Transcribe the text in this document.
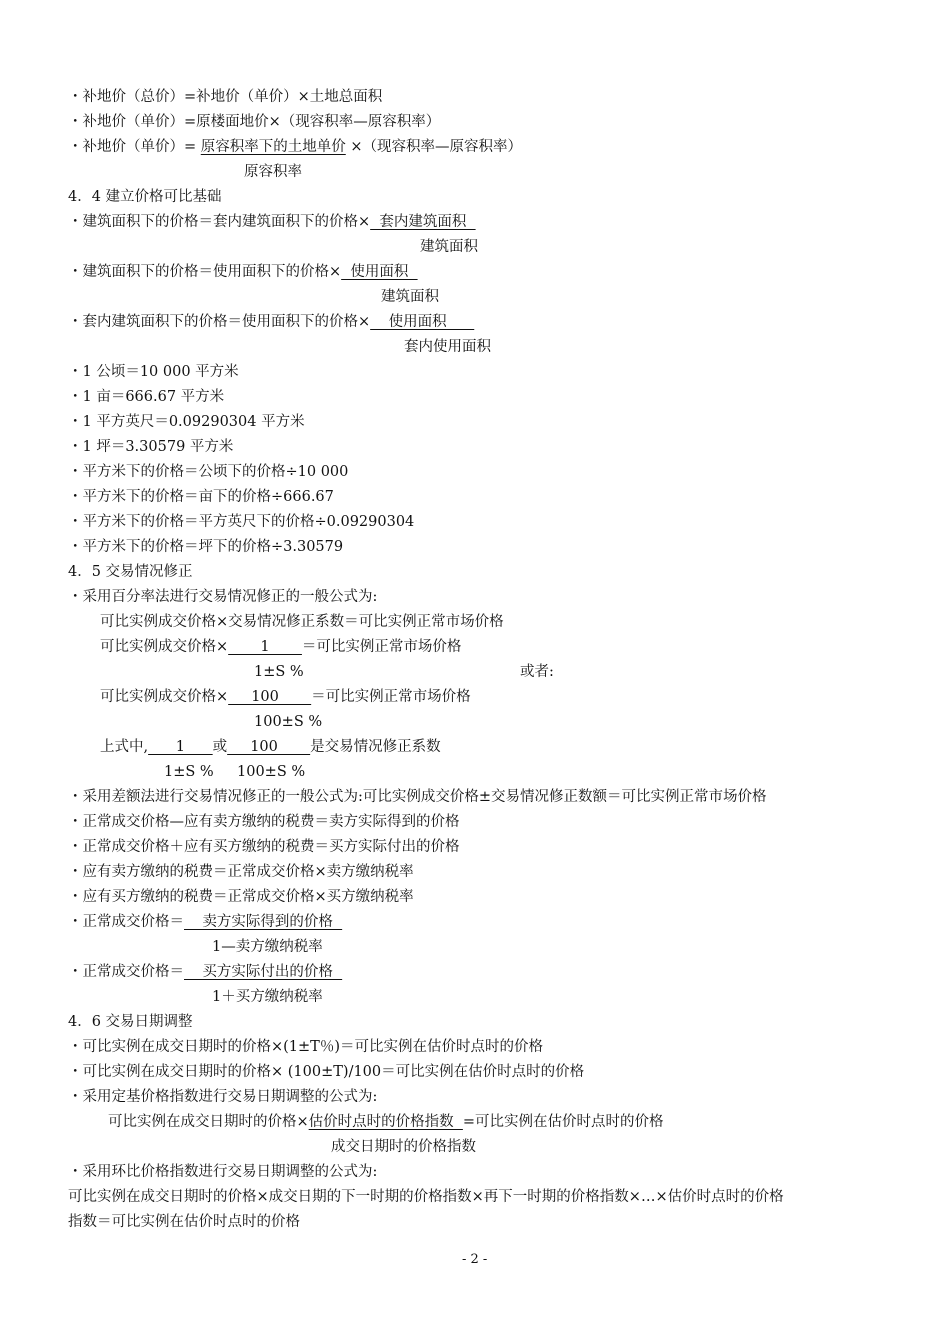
・补地价（总价）=补地价（单价）×土地总面积
・补地价（单价）=原楼面地价×（现容积率—原容积率）
・补地价（单价）= 原容积率下的土地单价 ×（现容积率—原容积率）
原容积率
4．4 建立价格可比基础
・建筑面积下的价格＝套内建筑面积下的价格×  套内建筑面积
建筑面积
・建筑面积下的价格＝使用面积下的价格×  使用面积
建筑面积
・套内建筑面积下的价格＝使用面积下的价格×    使用面积
套内使用面积
・1 公顷＝10 000 平方米
・1 亩＝666.67 平方米
・1 平方英尺＝0.09290304 平方米
・1 坪＝3.30579 平方米
・平方米下的价格＝公顷下的价格÷10 000
・平方米下的价格＝亩下的价格÷666.67
・平方米下的价格＝平方英尺下的价格÷0.09290304
・平方米下的价格＝坪下的价格÷3.30579
4．5 交易情况修正
・采用百分率法进行交易情况修正的一般公式为:
可比实例成交价格×交易情况修正系数＝可比实例正常市场价格
可比实例成交价格×       1       ＝可比实例正常市场价格
1±S %	或者:
可比实例成交价格×     100       ＝可比实例正常市场价格
100±S %
上式中,      1      或     100       是交易情况修正系数
1±S % 100±S %
・采用差额法进行交易情况修正的一般公式为:可比实例成交价格±交易情况修正数额＝可比实例正常市场价格
・正常成交价格—应有卖方缴纳的税费＝卖方实际得到的价格
・正常成交价格＋应有买方缴纳的税费＝买方实际付出的价格
・应有卖方缴纳的税费＝正常成交价格×卖方缴纳税率
・应有买方缴纳的税费＝正常成交价格×买方缴纳税率
・正常成交价格＝    卖方实际得到的价格
1—卖方缴纳税率
・正常成交价格＝    买方实际付出的价格
1＋买方缴纳税率
4．6 交易日期调整
・可比实例在成交日期时的价格×(1±T％)＝可比实例在估价时点时的价格
・可比实例在成交日期时的价格× (100±T)/100＝可比实例在估价时点时的价格
・采用定基价格指数进行交易日期调整的公式为:
可比实例在成交日期时的价格×估价时点时的价格指数  =可比实例在估价时点时的价格
成交日期时的价格指数
・采用环比价格指数进行交易日期调整的公式为:
可比实例在成交日期时的价格×成交日期的下一时期的价格指数×再下一时期的价格指数×…×估价时点时的价格
指数＝可比实例在估价时点时的价格
- 2 -
